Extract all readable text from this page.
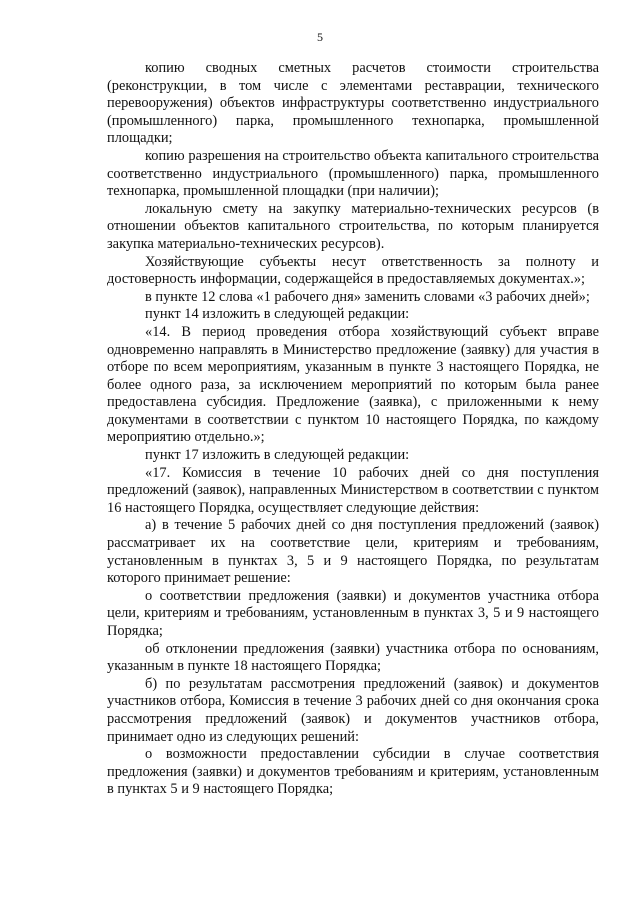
5

копию сводных сметных расчетов стоимости строительства (реконструкции, в том числе с элементами реставрации, технического перевооружения) объектов инфраструктуры соответственно индустриального (промышленного) парка, промышленного технопарка, промышленной площадки;

копию разрешения на строительство объекта капитального строительства соответственно индустриального (промышленного) парка, промышленного технопарка, промышленной площадки (при наличии);

локальную смету на закупку материально-технических ресурсов (в отношении объектов капитального строительства, по которым планируется закупка материально-технических ресурсов).

Хозяйствующие субъекты несут ответственность за полноту и достоверность информации, содержащейся в предоставляемых документах.»;

в пункте 12 слова «1 рабочего дня» заменить словами «3 рабочих дней»;

пункт 14 изложить в следующей редакции:

«14. В период проведения отбора хозяйствующий субъект вправе одновременно направлять в Министерство предложение (заявку) для участия в отборе по всем мероприятиям, указанным в пункте 3 настоящего Порядка, не более одного раза, за исключением мероприятий по которым была ранее предоставлена субсидия. Предложение (заявка), с приложенными к нему документами в соответствии с пунктом 10 настоящего Порядка, по каждому мероприятию отдельно.»;

пункт 17 изложить в следующей редакции:

«17. Комиссия в течение 10 рабочих дней со дня поступления предложений (заявок), направленных Министерством в соответствии с пунктом 16 настоящего Порядка, осуществляет следующие действия:

а) в течение 5 рабочих дней со дня поступления предложений (заявок) рассматривает их на соответствие цели, критериям и требованиям, установленным в пунктах 3, 5 и 9 настоящего Порядка, по результатам которого принимает решение:

о соответствии предложения (заявки) и документов участника отбора цели, критериям и требованиям, установленным в пунктах 3, 5 и 9 настоящего Порядка;

об отклонении предложения (заявки) участника отбора по основаниям, указанным в пункте 18 настоящего Порядка;

б) по результатам рассмотрения предложений (заявок) и документов участников отбора, Комиссия в течение 3 рабочих дней со дня окончания срока рассмотрения предложений (заявок) и документов участников отбора, принимает одно из следующих решений:

о возможности предоставлении субсидии в случае соответствия предложения (заявки) и документов требованиям и критериям, установленным в пунктах 5 и 9 настоящего Порядка;
